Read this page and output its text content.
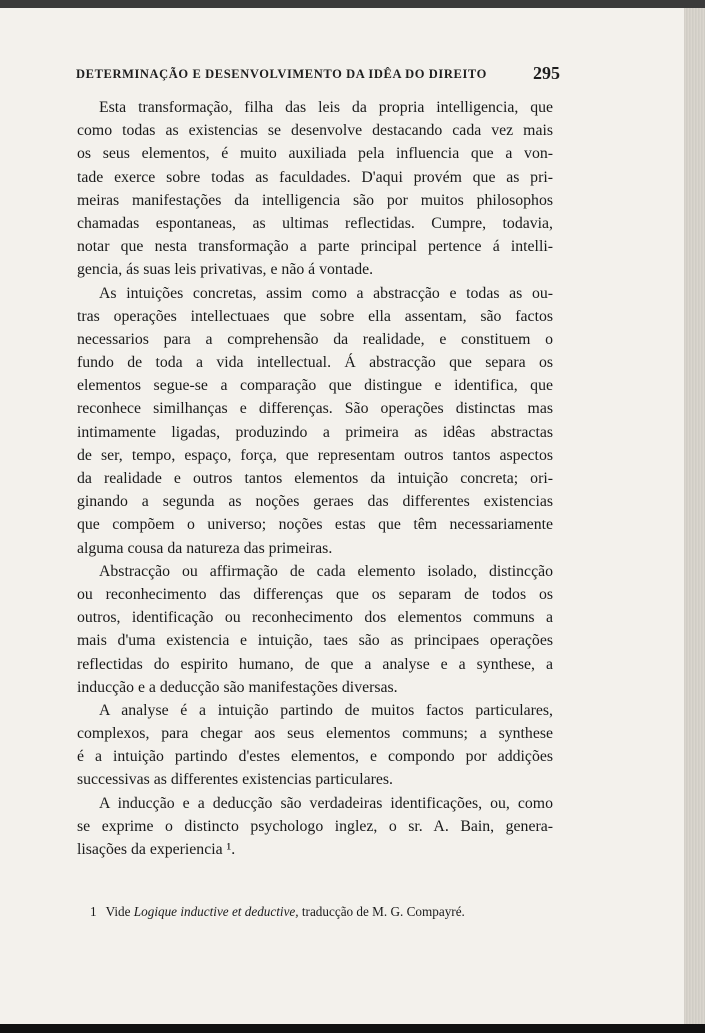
DETERMINAÇÃO E DESENVOLVIMENTO DA IDÊA DO DIREITO	295
Esta transformação, filha das leis da propria intelligencia, que
como todas as existencias se desenvolve destacando cada vez mais
os seus elementos, é muito auxiliada pela influencia que a von-
tade exerce sobre todas as faculdades. D'aqui provém que as pri-
meiras manifestações da intelligencia são por muitos philosophos
chamadas espontaneas, as ultimas reflectidas. Cumpre, todavia,
notar que nesta transformação a parte principal pertence á intelli-
gencia, ás suas leis privativas, e não á vontade.
As intuições concretas, assim como a abstracção e todas as ou-
tras operações intellectuaes que sobre ella assentam, são factos
necessarios para a comprehensão da realidade, e constituem o
fundo de toda a vida intellectual. Á abstracção que separa os
elementos segue-se a comparação que distingue e identifica, que
reconhece similhanças e differenças. São operações distinctas mas
intimamente ligadas, produzindo a primeira as idêas abstractas
de ser, tempo, espaço, força, que representam outros tantos aspectos
da realidade e outros tantos elementos da intuição concreta; ori-
ginando a segunda as noções geraes das differentes existencias
que compõem o universo; noções estas que têm necessariamente
alguma cousa da natureza das primeiras.
Abstracção ou affirmação de cada elemento isolado, distincção
ou reconhecimento das differenças que os separam de todos os
outros, identificação ou reconhecimento dos elementos communs a
mais d'uma existencia e intuição, taes são as principaes operações
reflectidas do espirito humano, de que a analyse e a synthese, a
inducção e a deducção são manifestações diversas.
A analyse é a intuição partindo de muitos factos particulares,
complexos, para chegar aos seus elementos communs; a synthese
é a intuição partindo d'estes elementos, e compondo por addições
successivas as differentes existencias particulares.
A inducção e a deducção são verdadeiras identificações, ou, como
se exprime o distincto psychologo inglez, o sr. A. Bain, genera-
lisações da experiencia ¹.
1 Vide Logique inductive et deductive, traducção de M. G. Compayré.
